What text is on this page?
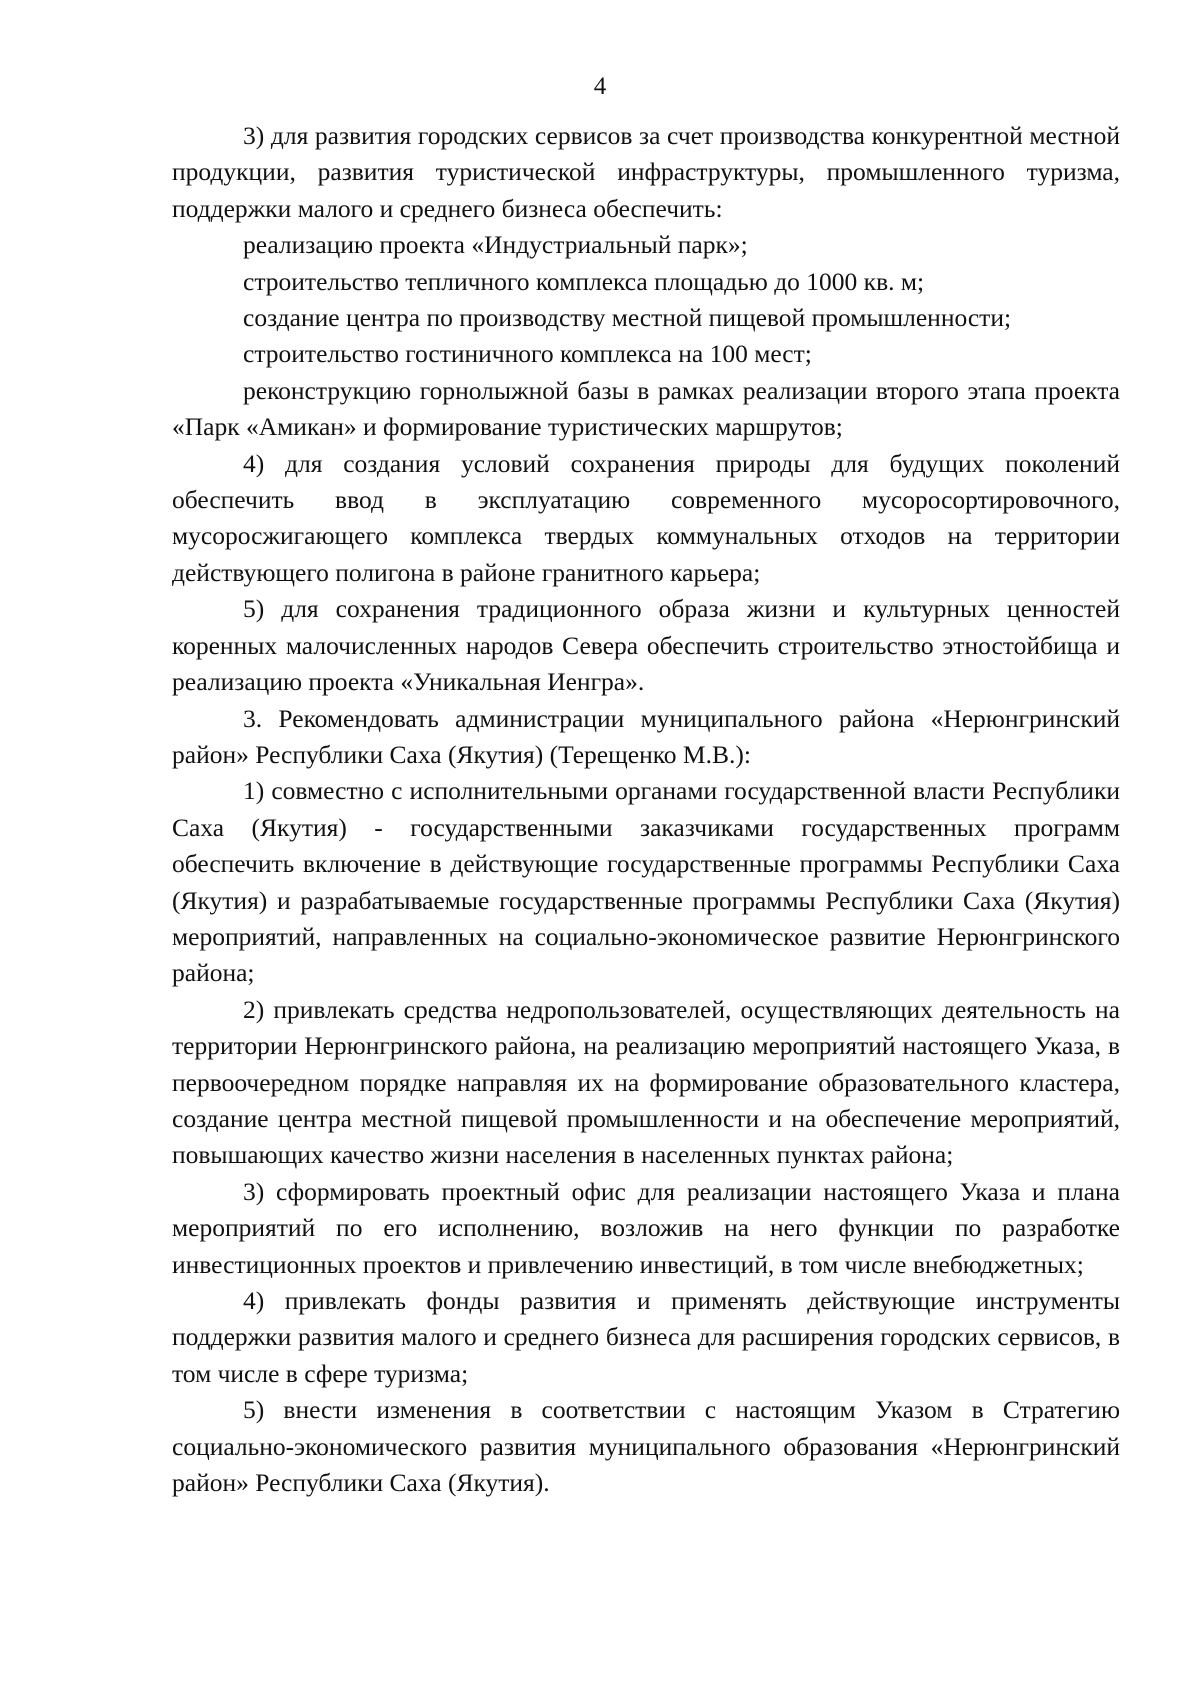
4

3) для развития городских сервисов за счет производства конкурентной местной продукции, развития туристической инфраструктуры, промышленного туризма, поддержки малого и среднего бизнеса обеспечить:

реализацию проекта «Индустриальный парк»;

строительство тепличного комплекса площадью до 1000 кв. м;

создание центра по производству местной пищевой промышленности;

строительство гостиничного комплекса на 100 мест;

реконструкцию горнолыжной базы в рамках реализации второго этапа проекта «Парк «Амикан» и формирование туристических маршрутов;

4) для создания условий сохранения природы для будущих поколений обеспечить ввод в эксплуатацию современного мусоросортировочного, мусоросжигающего комплекса твердых коммунальных отходов на территории действующего полигона в районе гранитного карьера;

5) для сохранения традиционного образа жизни и культурных ценностей коренных малочисленных народов Севера обеспечить строительство этностойбища и реализацию проекта «Уникальная Иенгра».

3. Рекомендовать администрации муниципального района «Нерюнгринский район» Республики Саха (Якутия) (Терещенко М.В.):

1) совместно с исполнительными органами государственной власти Республики Саха (Якутия) - государственными заказчиками государственных программ обеспечить включение в действующие государственные программы Республики Саха (Якутия) и разрабатываемые государственные программы Республики Саха (Якутия) мероприятий, направленных на социально-экономическое развитие Нерюнгринского района;

2) привлекать средства недропользователей, осуществляющих деятельность на территории Нерюнгринского района, на реализацию мероприятий настоящего Указа, в первоочередном порядке направляя их на формирование образовательного кластера, создание центра местной пищевой промышленности и на обеспечение мероприятий, повышающих качество жизни населения в населенных пунктах района;

3) сформировать проектный офис для реализации настоящего Указа и плана мероприятий по его исполнению, возложив на него функции по разработке инвестиционных проектов и привлечению инвестиций, в том числе внебюджетных;

4) привлекать фонды развития и применять действующие инструменты поддержки развития малого и среднего бизнеса для расширения городских сервисов, в том числе в сфере туризма;

5) внести изменения в соответствии с настоящим Указом в Стратегию социально-экономического развития муниципального образования «Нерюнгринский район» Республики Саха (Якутия).
